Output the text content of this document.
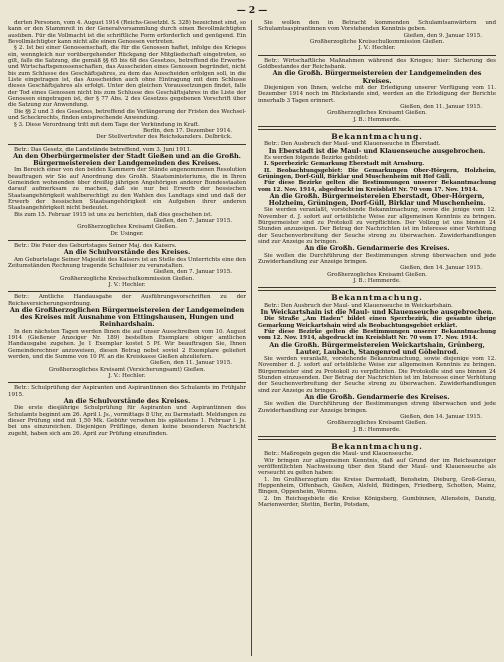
— 2 —

derten Personen, vom 4. August 1914 (Reichs-Gesetzbl. S. 328) bezeichnet sind, so kann er den Stammreit in der Generalvorsammlung durch einen Bevollmächtigten ausüben. Für die Vollmacht ist die schriftliche Form erforderlich und genügend. Ein Bevollmächtigter kann nicht alle einen Genossen vertreten.

§ 2. Ist bei einer Genossenschaft, die für die Genossen haftet, infolge des Krieges ein, wenngleich nur vorübergehender Rückgang der Mitgliedschaft eingetreten, so gilt, falls die Satzung, die gemäß §§ 65 bis 68 des Gesetzes, betreffend die Erwerbs- und Wirtschaftsgenossenschaften, das Ausscheiden eines Genossen begründet, nicht bis zum Schlusse des Geschäftsjahres, zu dem das Ausscheiden erfolgen soll, in die Liste eingetragen ist, das Ausscheiden auch ohne Eintragung mit dem Schlusse dieses Geschäftsjahres als erfolgt. Unter den gleichen Voraussetzungen findet, falls der Tod eines Genossen nicht bis zum Schlusse des Geschäftsjahres in die Liste der Genossen eingetragen ist, der § 77 Abs. 2 des Gesetzes gegebenen Vorschrift über die Satzung zur Anwendung.

Die §§ 2 und 3 des Gesetzes, betreffend die Verlängerung der Fristen des Wechsel- und Scheckrechts, finden entsprechende Anwendung.

§ 3. Diese Verordnung tritt mit dem Tage der Verkündung in Kraft.

Berlin, den 17. Dezember 1914.

Der Stellvertreter des Reichskanzlers. Delbrück.

Betr.: Das Gesetz, die Landstände betreffend, vom 3. Juni 1911.

An den Oberbürgermeister der Stadt Gießen und an die Großh. Bürgermeistereien der Landgemeinden des Kreises.

Im Bereich einer von den beiden Kammern der Stände angenommenen Resolution beauftragen wir Sie auf Anordnung des Großh. Staatsministeriums, die in Ihren Gemeinden wohnenden über dreißig jährigen Angehörigen anderer Bundesstaaten darauf aufmerksam zu machen, daß sie nur bei Erwerb der hessischen Staatsangehörigkeit wahlberechtigt zu den Wahlen des Landtags sind und daß der Erwerb der hessischen Staatsangehörigkeit ein Aufgeben ihrer anderen Staatsangehörigkeit nicht bedeutet.

Bis zum 15. Februar 1915 ist uns zu berichten, daß dies geschehen ist.

Gießen, den 7. Januar 1915.

Großherzogliches Kreisamt Gießen.

Dr. Usinger.

Betr.: Die Feier des Geburtstages Seiner Maj. des Kaisers.

An die Schulvorstände des Kreises.

Am Geburtstage Seiner Majestät des Kaisers ist an Stelle des Unterrichts eine den Zeitumständen Rechnung tragende Schulfeier zu veranstalten.

Gießen, den 7. Januar 1915.

Großherzogliche Kreisschulkommission Gießen.

J. V.: Hechler.

Betr.: Amtliche Handausgabe der Ausführungsvorschriften zu der Reichsversicherungsordnung.

An die Großherzoglichen Bürgermeistereien der Landgemeinden des Kreises mit Ausnahme von Ettingshausen, Hungen und Reinhardshain.

In den nächsten Tagen werden Ihnen die auf unser Ausschreiben vom 10. August 1914 (Gießener Anzeiger Nr. 189) bestellten Exemplare obiger amtlichen Handausgabe zugehen. Je 1 Exemplar kostet 5 Pf. Wir beauftragen Sie, Ihnen Gemeinderechner anzuweisen, diesen Betrag nebst soviel 2 Exemplare geliefert werden, und die Summe von 10 Pf. an die Kreiskasse Gießen abzuliefern.

Gießen, den 11. Januar 1915.

Großherzogliches Kreisamt (Versicherungsamt) Gießen.

J. V.: Hechler.

Betr.: Schulprüfung der Aspiranten und Aspirantinnen des Schulamts im Frühjahr 1915.

An die Schulvorstände des Kreises.

Die erste diesjährige Schulprüfung für Aspiranten und Aspirantinnen des Schulamts beginnt am 26. April l. Js., vormittags 8 Uhr, zu Darmstadt. Meldungen zu dieser Prüfung sind mit 1,50 Mk. Gebühr versehen bis spätestens 1. Februar l. Js. bei uns einzureichen. Diejenigen Prüflinge, denen keine besonderen Nachricht zugeht, haben sich am 26. April zur Prüfung einzufinden.

Sie wollen den in Betracht kommenden Schulamtsanwärtern und Schulamtsaspirantinnen vom Vorstehenden Kenntnis geben.

Gießen, den 9. Januar 1915.

Großherzogliche Kreisschulkommission Gießen.

J. V.: Hechler.

Betr.: Wirtschaftliche Maßnahmen während des Krieges; hier: Sicherung des Goldbestandes der Reichsbank.

An die Großh. Bürgermeistereien der Landgemeinden des Kreises.

Diejenigen von Ihnen, welche mit der Erledigung unserer Verfügung vom 11. Dezember 1914 noch im Rückstande sind, werden an die Erledigung der Berichte innerhalb 3 Tagen erinnert.

Gießen, den 11. Januar 1915.

Großherzogliches Kreisamt Gießen.

J. B.: Hemmerde.

Bekanntmachung.

Betr.: Den Ausbruch der Maul- und Klauenseuche in Eberstadt.

In Eberstadt ist die Maul- und Klauenseuche ausgebrochen.

Es werden folgende Bezirke gebildet:

I. Sperrbezirk: Gemarkung Eberstadt mit Arnsburg.

II. Beobachtungsgebiet: Die Gemarkungen Ober-Hörgern, Holzheim, Grüningen, Dorf-Güll, Birklar und Muschenheim mit Hof Güll.

Für diese Bezirke gelten die Bestimmungen unserer Bekanntmachung vom 12. Nov. 1914, abgedruckt im Kreisblatt Nr. 70 vom 17. Nov. 1914.

An die Großh. Bürgermeistereien Eberstadt, Ober-Hörgern, Holzheim, Grüningen, Dorf-Güll, Birklar und Muschenheim.

Sie werden veranlaßt, vorstehende Bekanntmachung, sowie die jenige vom 12. November d. J. sofort auf ortsübliche Weise zur allgemeinen Kenntnis zu bringen. Bürgermeister sind zu Protokoll zu verpflichten. Der Vollzug ist uns binnen 24 Stunden anzuzeigen. Der Betrag der Nachrichten ist im Interesse einer Verhütung der Seuchenverbreitung der Seuche streng zu überwachen. Zuwiderhandlungen sind zur Anzeige zu bringen.

An die Großh. Gendarmerie des Kreises.

Sie wollen die Durchführung der Bestimmungen streng überwachen und jede Zuwiderhandlung zur Anzeige bringen.

Gießen, den 14. Januar 1915.

Großherzogliches Kreisamt Gießen.

J. B.: Hemmerde.

Bekanntmachung.

Betr.: Den Ausbruch der Maul- und Klauenseuche in Weickartshain.

In Weickartshain ist die Maul- und Klauenseuche ausgebrochen.

Die Straße „Am Haden“ bildet einen Sperrbezirk, die gesamte übrige Gemarkung Weickartshain wird als Beobachtungsgebiet erklärt.

Für diese Bezirke gelten die Bestimmungen unserer Bekanntmachung vom 12. Nov. 1914, abgedruckt im Kreisblatt Nr. 70 vom 17. Nov. 1914.

An die Großh. Bürgermeistereien Weickartshain, Grünberg, Lauter, Laubach, Stangenrod und Göbelnrod.

Sie werden veranlaßt, vorstehende Bekanntmachung, sowie diejenige vom 12. November d. J. sofort auf ortsübliche Weise zur allgemeinen Kenntnis zu bringen. Bürgermeister sind zu Protokoll zu verpflichten. Die Protokolle sind uns binnen 24 Stunden einzusenden. Der Betrag der Nachrichten ist im Interesse einer Verhütung der Seuchenverbreitung der Seuche streng zu überwachen. Zuwiderhandlungen sind zur Anzeige zu bringen.

An die Großh. Gendarmerie des Kreises.

Sie wollen die Durchführung der Bestimmungen streng überwachen und jede Zuwiderhandlung zur Anzeige bringen.

Gießen, den 14. Januar 1915.

Großherzogliches Kreisamt Gießen.

J. B.: Hemmerde.

Bekanntmachung.

Betr.: Maßregeln gegen die Maul- und Klauenseuche.

Wir bringen zur allgemeinen Kenntnis, daß auf Grund der im Reichsanzeiger veröffentlichten Nachweisung über den Stand der Maul- und Klauenseuche als verseucht zu gelten haben:

1. Im Großherzogtum die Kreise Darmstadt, Bensheim, Dieburg, Groß-Gerau, Heppenheim, Offenbach, Gießen, Alsfeld, Büdingen, Friedberg, Schotten, Mainz, Bingen, Oppenheim, Worms.

2. Im Reichsgebiete die Kreise Königsberg, Gumbinnen, Allenstein, Danzig, Marienwerder, Stettin, Berlin, Potsdam,
